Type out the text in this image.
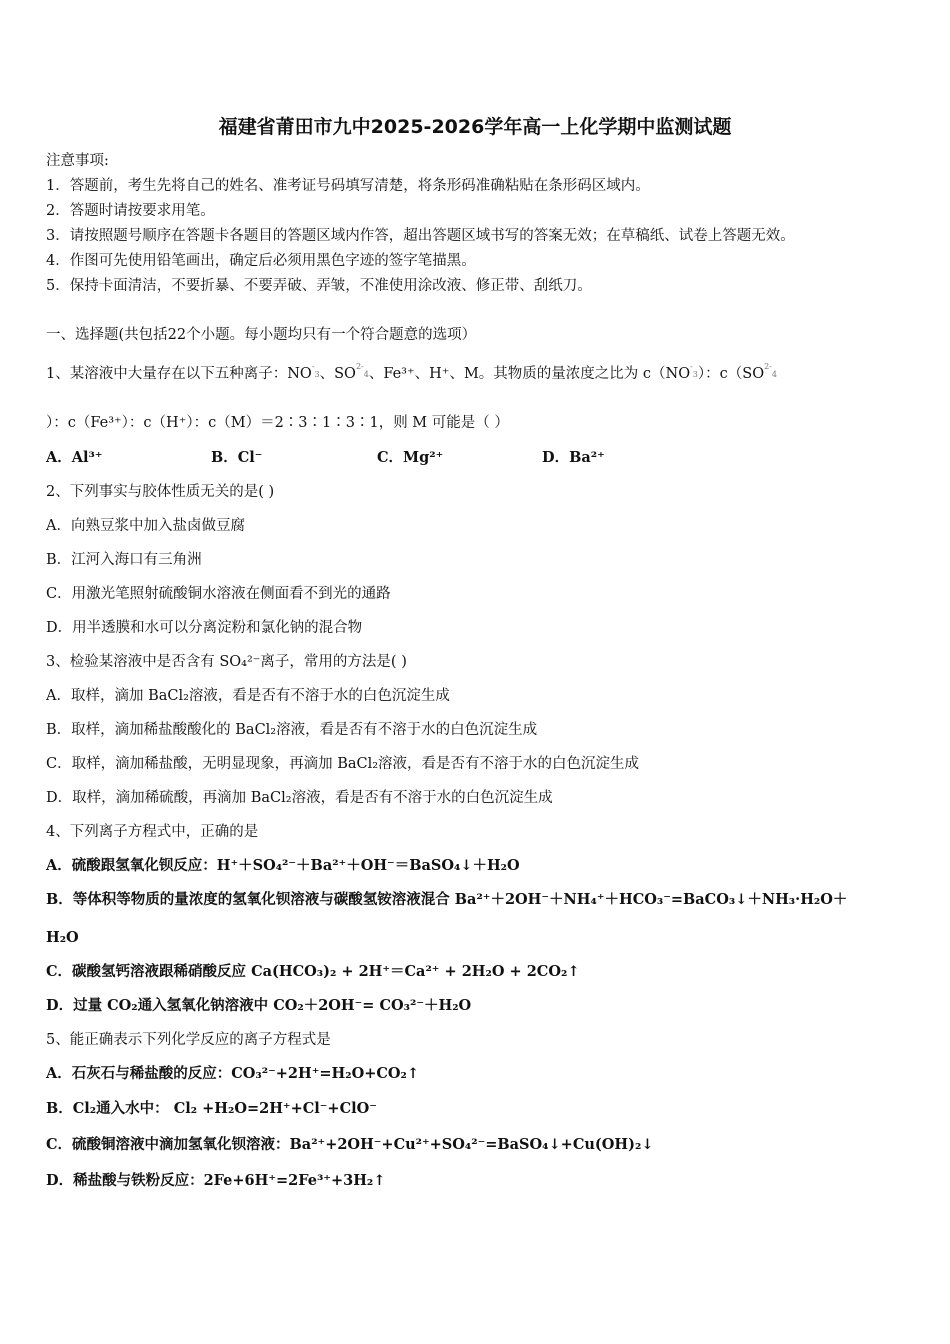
福建省莆田市九中2025-2026学年高一上化学期中监测试题
注意事项:
1．答题前，考生先将自己的姓名、准考证号码填写清楚，将条形码准确粘贴在条形码区域内。
2．答题时请按要求用笔。
3．请按照题号顺序在答题卡各题目的答题区域内作答，超出答题区域书写的答案无效；在草稿纸、试卷上答题无效。
4．作图可先使用铅笔画出，确定后必须用黑色字迹的签字笔描黑。
5．保持卡面清洁，不要折暴、不要弄破、弄皱，不准使用涂改液、修正带、刮纸刀。
一、选择题(共包括22个小题。每小题均只有一个符合题意的选项）
1、某溶液中大量存在以下五种离子：NO-3、$SO^{2-}4$、Fe³⁺、H⁺、M。其物质的量浓度之比为 c（NO-3）：$c(SO^{2-}4$
）：c（Fe³⁺）：c（H⁺）：c（M）＝2∶3∶1∶3∶1，则 M 可能是（ ）
A．Al³⁺	B．Cl⁻	C．Mg²⁺	D．Ba²⁺
2、下列事实与胶体性质无关的是( )
A．向熟豆浆中加入盐卤做豆腐
B．江河入海口有三角洲
C．用激光笔照射硫酸铜水溶液在侧面看不到光的通路
D．用半透膜和水可以分离淀粉和氯化钠的混合物
3、检验某溶液中是否含有 SO₄²⁻离子，常用的方法是( )
A．取样，滴加 BaCl₂溶液，看是否有不溶于水的白色沉淀生成
B．取样，滴加稀盐酸酸化的 BaCl₂溶液，看是否有不溶于水的白色沉淀生成
C．取样，滴加稀盐酸，无明显现象，再滴加 BaCl₂溶液，看是否有不溶于水的白色沉淀生成
D．取样，滴加稀硫酸，再滴加 BaCl₂溶液，看是否有不溶于水的白色沉淀生成
4、下列离子方程式中，正确的是
A．硫酸跟氢氧化钡反应：H⁺＋SO₄²⁻＋Ba²⁺＋OH⁻＝BaSO₄↓＋H₂O
B．等体积等物质的量浓度的氢氧化钡溶液与碳酸氢铵溶液混合 Ba²⁺＋2OH⁻＋NH₄⁺＋HCO₃⁻=BaCO₃↓＋NH₃·H₂O＋
H₂O
C．碳酸氢钙溶液跟稀硝酸反应 Ca(HCO₃)₂ + 2H⁺＝Ca²⁺ + 2H₂O + 2CO₂↑
D．过量 CO₂通入氢氧化钠溶液中 CO₂＋2OH⁻= CO₃²⁻＋H₂O
5、能正确表示下列化学反应的离子方程式是
A．石灰石与稀盐酸的反应：CO₃²⁻+2H⁺=H₂O+CO₂↑
B．Cl₂通入水中： Cl₂ +H₂O=2H⁺+Cl⁻+ClO⁻
C．硫酸铜溶液中滴加氢氧化钡溶液：Ba²⁺+2OH⁻+Cu²⁺+SO₄²⁻=BaSO₄↓+Cu(OH)₂↓
D．稀盐酸与铁粉反应：2Fe+6H⁺=2Fe³⁺+3H₂↑
